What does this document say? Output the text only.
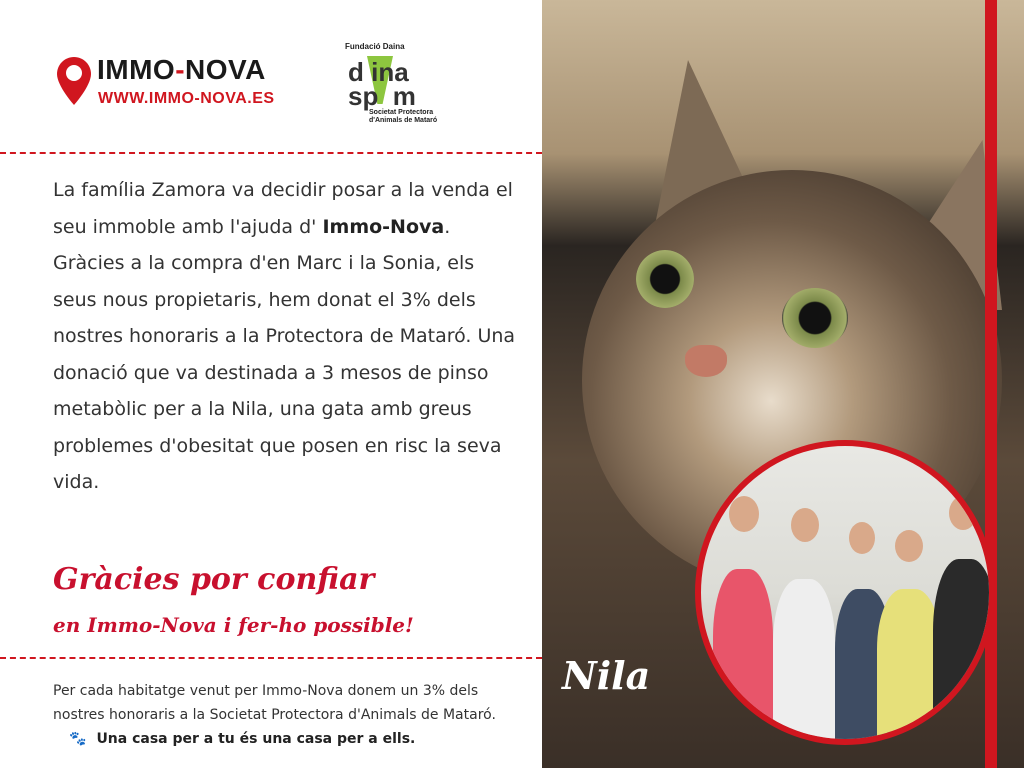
IMMO-NOVA
WWW.IMMO-NOVA.ES
Fundació Daina
d ina
sp  m
Societat Protectora
d'Animals de Mataró
La família Zamora va decidir posar a la venda el seu immoble amb l'ajuda d' Immo-Nova. Gràcies a la compra d'en Marc i la Sonia, els seus nous propietaris, hem donat el 3% dels nostres honoraris a la Protectora de Mataró. Una donació que va destinada a 3 mesos de pinso metabòlic per a la Nila, una gata amb greus problemes d'obesitat que posen en risc la seva vida.
Gràcies por confiar
en Immo-Nova i fer-ho possible!
Per cada habitatge venut per Immo-Nova donem un 3% dels nostres honoraris a la Societat Protectora d'Animals de Mataró.🐾 Una casa per a tu és una casa per a ells.
Nila
